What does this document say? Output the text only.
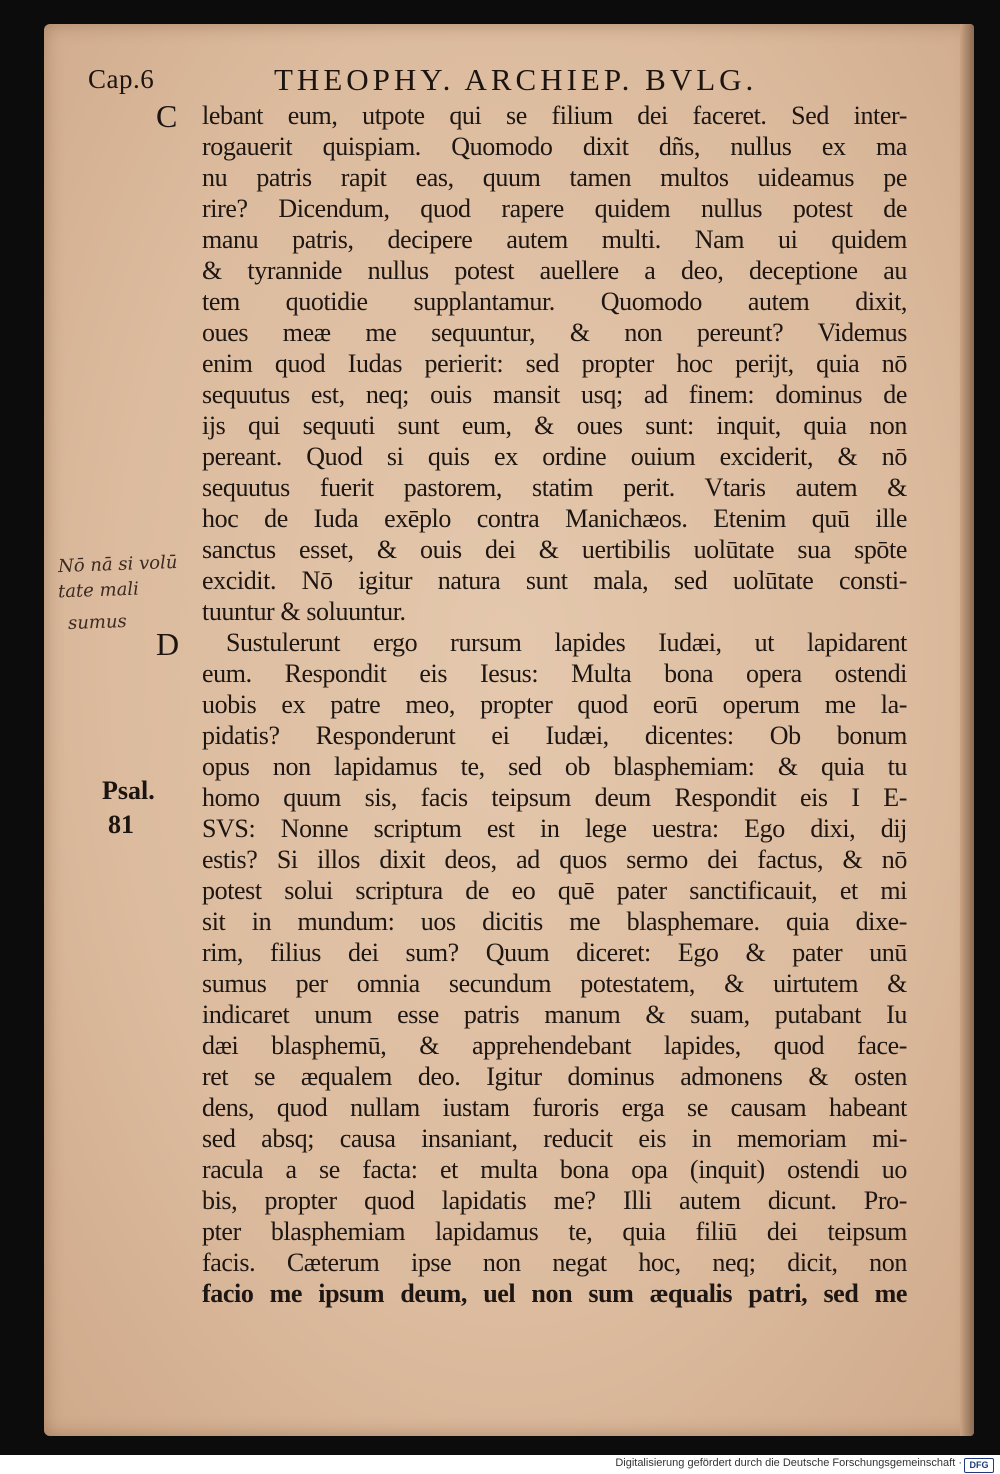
Cap.6	THEOPHY. ARCHIEP. BVLG.
C
D
Nō nā si volū
tate mali
sumus
Psal.
81
lebant eum, utpote qui se filium dei faceret. Sed inter-
rogauerit quispiam. Quomodo dixit dñs, nullus ex ma
nu patris rapit eas, quum tamen multos uideamus pe
rire? Dicendum, quod rapere quidem nullus potest de
manu patris, decipere autem multi. Nam ui quidem
& tyrannide nullus potest auellere a deo, deceptione au
tem quotidie supplantamur. Quomodo autem dixit,
oues meæ me sequuntur, & non pereunt? Videmus
enim quod Iudas perierit: sed propter hoc perijt, quia nō
sequutus est, neq; ouis mansit usq; ad finem: dominus de
ijs qui sequuti sunt eum, & oues sunt: inquit, quia non
pereant. Quod si quis ex ordine ouium exciderit, & nō
sequutus fuerit pastorem, statim perit. Vtaris autem &
hoc de Iuda exēplo contra Manichæos. Etenim quū ille
sanctus esset, & ouis dei & uertibilis uolūtate sua spōte
excidit. Nō igitur natura sunt mala, sed uolūtate consti-
tuuntur & soluuntur.
Sustulerunt ergo rursum lapides Iudæi, ut lapidarent
eum. Respondit eis Iesus: Multa bona opera ostendi
uobis ex patre meo, propter quod eorū operum me la-
pidatis? Responderunt ei Iudæi, dicentes: Ob bonum
opus non lapidamus te, sed ob blasphemiam: & quia tu
homo quum sis, facis teipsum deum Respondit eis I E-
SVS: Nonne scriptum est in lege uestra: Ego dixi, dij
estis? Si illos dixit deos, ad quos sermo dei factus, & nō
potest solui scriptura de eo quē pater sanctificauit, et mi
sit in mundum: uos dicitis me blasphemare. quia dixe-
rim, filius dei sum? Quum diceret: Ego & pater unū
sumus per omnia secundum potestatem, & uirtutem &
indicaret unum esse patris manum & suam, putabant Iu
dæi blasphemū, & apprehendebant lapides, quod face-
ret se æqualem deo. Igitur dominus admonens & osten
dens, quod nullam iustam furoris erga se causam habeant
sed absq; causa insaniant, reducit eis in memoriam mi-
racula a se facta: et multa bona opa (inquit) ostendi uo
bis, propter quod lapidatis me? Illi autem dicunt. Pro-
pter blasphemiam lapidamus te, quia filiū dei teipsum
facis. Cæterum ipse non negat hoc, neq; dicit, non
facio me ipsum deum, uel non sum æqualis patri, sed me
Digitalisierung gefördert durch die Deutsche Forschungsgemeinschaft · DFG
